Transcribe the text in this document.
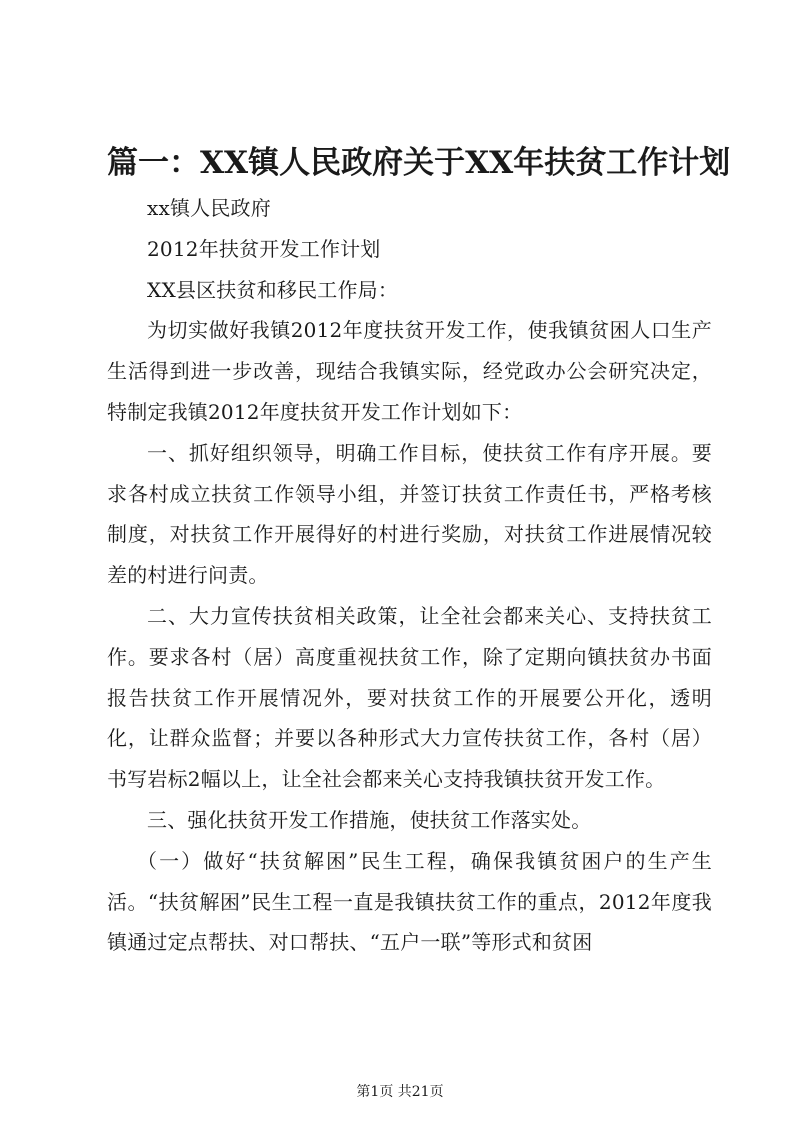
篇一：XX镇人民政府关于XX年扶贫工作计划

xx镇人民政府

2012年扶贫开发工作计划

XX县区扶贫和移民工作局：

为切实做好我镇2012年度扶贫开发工作，使我镇贫困人口生产生活得到进一步改善，现结合我镇实际，经党政办公会研究决定，特制定我镇2012年度扶贫开发工作计划如下：

一、抓好组织领导，明确工作目标，使扶贫工作有序开展。要求各村成立扶贫工作领导小组，并签订扶贫工作责任书，严格考核制度，对扶贫工作开展得好的村进行奖励，对扶贫工作进展情况较差的村进行问责。

二、大力宣传扶贫相关政策，让全社会都来关心、支持扶贫工作。要求各村（居）高度重视扶贫工作，除了定期向镇扶贫办书面报告扶贫工作开展情况外，要对扶贫工作的开展要公开化，透明化，让群众监督；并要以各种形式大力宣传扶贫工作，各村（居）书写岩标2幅以上，让全社会都来关心支持我镇扶贫开发工作。

三、强化扶贫开发工作措施，使扶贫工作落实处。

（一）做好“扶贫解困”民生工程，确保我镇贫困户的生产生活。“扶贫解困”民生工程一直是我镇扶贫工作的重点，2012年度我镇通过定点帮扶、对口帮扶、“五户一联”等形式和贫困

第1页 共21页
